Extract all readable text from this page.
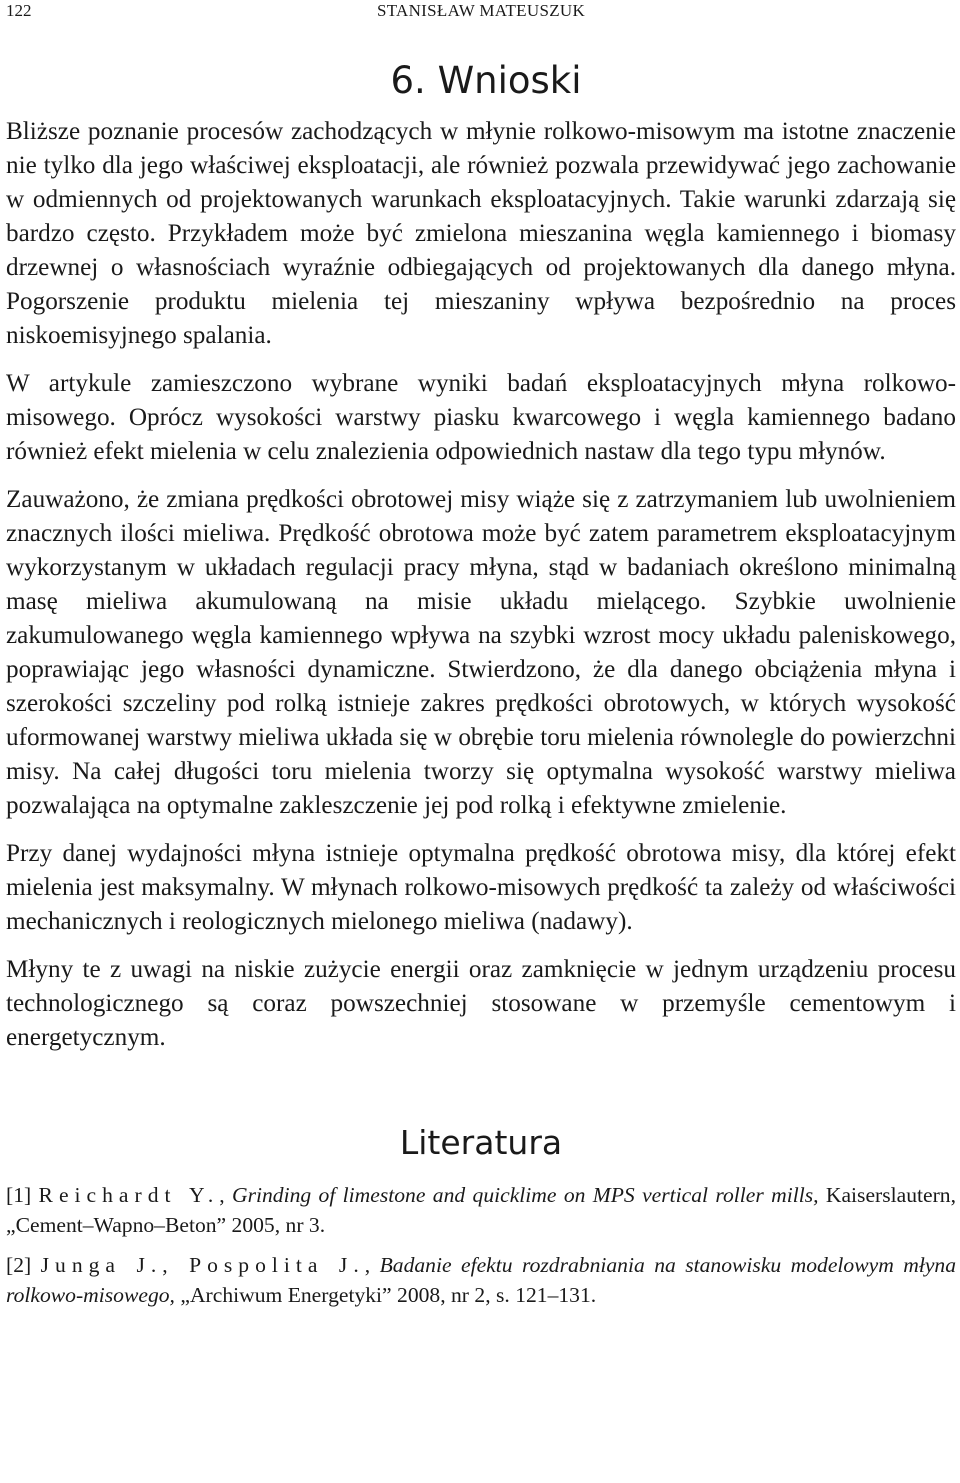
122	STANISŁAW MATEUSZUK
6. Wnioski

Bliższe poznanie procesów zachodzących w młynie rolkowo-misowym ma istotne znaczenie nie tylko dla jego właściwej eksploatacji, ale również pozwala przewidywać jego zachowanie w odmiennych od projektowanych warunkach eksploatacyjnych. Takie warunki zdarzają się bardzo często. Przykładem może być zmielona mieszanina węgla kamiennego i biomasy drzewnej o własnościach wyraźnie odbiegających od projektowanych dla danego młyna. Pogorszenie produktu mielenia tej mieszaniny wpływa bezpośrednio na proces niskoemisyjnego spalania.

W artykule zamieszczono wybrane wyniki badań eksploatacyjnych młyna rolkowo-misowego. Oprócz wysokości warstwy piasku kwarcowego i węgla kamiennego badano również efekt mielenia w celu znalezienia odpowiednich nastaw dla tego typu młynów.

Zauważono, że zmiana prędkości obrotowej misy wiąże się z zatrzymaniem lub uwolnieniem znacznych ilości mieliwa. Prędkość obrotowa może być zatem parametrem eksploatacyjnym wykorzystanym w układach regulacji pracy młyna, stąd w badaniach określono minimalną masę mieliwa akumulowaną na misie układu mielącego. Szybkie uwolnienie zakumulowanego węgla kamiennego wpływa na szybki wzrost mocy układu paleniskowego, poprawiając jego własności dynamiczne. Stwierdzono, że dla danego obciążenia młyna i szerokości szczeliny pod rolką istnieje zakres prędkości obrotowych, w których wysokość uformowanej warstwy mieliwa układa się w obrębie toru mielenia równolegle do powierzchni misy. Na całej długości toru mielenia tworzy się optymalna wysokość warstwy mieliwa pozwalająca na optymalne zakleszczenie jej pod rolką i efektywne zmielenie.

Przy danej wydajności młyna istnieje optymalna prędkość obrotowa misy, dla której efekt mielenia jest maksymalny. W młynach rolkowo-misowych prędkość ta zależy od właściwości mechanicznych i reologicznych mielonego mieliwa (nadawy).

Młyny te z uwagi na niskie zużycie energii oraz zamknięcie w jednym urządzeniu procesu technologicznego są coraz powszechniej stosowane w przemyśle cementowym i energetycznym.

Literatura

[1] Reichardt Y., Grinding of limestone and quicklime on MPS vertical roller mills, Kaiserslautern, „Cement–Wapno–Beton” 2005, nr 3.

[2] Junga J., Pospolita J., Badanie efektu rozdrabniania na stanowisku modelowym młyna rolkowo-misowego, „Archiwum Energetyki” 2008, nr 2, s. 121–131.
